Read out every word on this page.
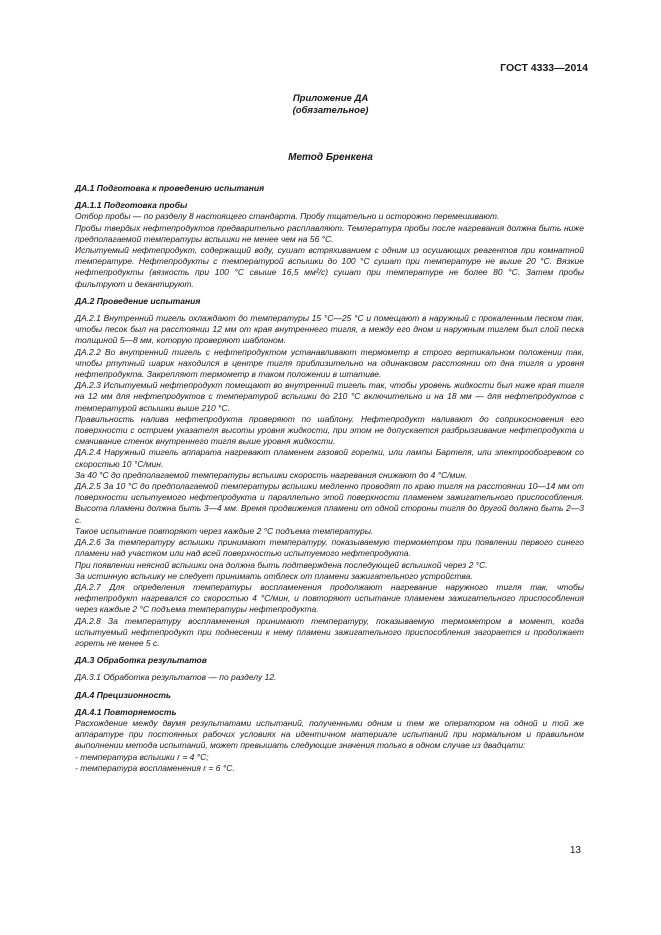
ГОСТ 4333—2014
Приложение ДА
(обязательное)
Метод Бренкена

ДА.1 Подготовка к проведению испытания

ДА.1.1 Подготовка пробы

Отбор пробы — по разделу 8 настоящего стандарта. Пробу тщательно и осторожно перемешивают.

Пробы твердых нефтепродуктов предварительно расплавляют. Температура пробы после нагревания должна быть ниже предполагаемой температуры вспышки не менее чем на 56 °С.

Испытуемый нефтепродукт, содержащий воду, сушат встряхиванием с одним из осушающих реагентов при комнатной температуре. Нефтепродукты с температурой вспышки до 100 °С сушат при температуре не выше 20 °С. Вязкие нефтепродукты (вязкость при 100 °С свыше 16,5 мм²/с) сушат при температуре не более 80 °С. Затем пробы фильтруют и декантируют.

ДА.2 Проведение испытания

ДА.2.1 Внутренний тигель охлаждают до температуры 15 °С—25 °С и помещают в наружный с прокаленным песком так, чтобы песок был на расстоянии 12 мм от края внутреннего тигля, а между его дном и наружным тиглем был слой песка толщиной 5—8 мм, которую проверяют шаблоном.

ДА.2.2 Во внутренний тигель с нефтепродуктом устанавливают термометр в строго вертикальном положении так, чтобы ртутный шарик находился в центре тигля приблизительно на одинаковом расстоянии от дна тигля и уровня нефтепродукта. Закрепляют термометр в таком положении в штативе.

ДА.2.3 Испытуемый нефтепродукт помещают во внутренний тигель так, чтобы уровень жидкости был ниже края тигля на 12 мм для нефтепродуктов с температурой вспышки до 210 °С включительно и на 18 мм — для нефтепродуктов с температурой вспышки выше 210 °С.

Правильность налива нефтепродукта проверяют по шаблону. Нефтепродукт наливают до соприкосновения его поверхности с острием указателя высоты уровня жидкости, при этом не допускается разбрызгивание нефтепродукта и смачивание стенок внутреннего тигля выше уровня жидкости.

ДА.2.4 Наружный тигель аппарата нагревают пламенем газовой горелки, или лампы Бартеля, или электрообогревом со скоростью 10 °С/мин.

За 40 °С до предполагаемой температуры вспышки скорость нагревания снижают до 4 °С/мин.

ДА.2.5 За 10 °С до предполагаемой температуры вспышки медленно проводят по краю тигля на расстоянии 10—14 мм от поверхности испытуемого нефтепродукта и параллельно этой поверхности пламенем зажигательного приспособления. Высота пламени должна быть 3—4 мм. Время продвижения пламени от одной стороны тигля до другой должно быть 2—3 с.

Такое испытание повторяют через каждые 2 °С подъема температуры.

ДА.2.6 За температуру вспышки принимают температуру, показываемую термометром при появлении первого синего пламени над участком или над всей поверхностью испытуемого нефтепродукта.

При появлении неясной вспышки она должна быть подтверждена последующей вспышкой через 2 °С.

За истинную вспышку не следует принимать отблеск от пламени зажигательного устройства.

ДА.2.7 Для определения температуры воспламенения продолжают нагревание наружного тигля так, чтобы нефтепродукт нагревался со скоростью 4 °С/мин, и повторяют испытание пламенем зажигательного приспособления через каждые 2 °С подъема температуры нефтепродукта.

ДА.2.8 За температуру воспламенения принимают температуру, показываемую термометром в момент, когда испытуемый нефтепродукт при поднесении к нему пламени зажигательного приспособления загорается и продолжает гореть не менее 5 с.

ДА.3 Обработка результатов

ДА.3.1 Обработка результатов — по разделу 12.

ДА.4 Прецизионность

ДА.4.1 Повторяемость

Расхождение между двумя результатами испытаний, полученными одним и тем же оператором на одной и той же аппаратуре при постоянных рабочих условиях на идентичном материале испытаний при нормальном и правильном выполнении метода испытаний, может превышать следующие значения только в одном случае из двадцати:

- температура вспышки r = 4 °С;

- температура воспламенения r = 6 °С.

13
